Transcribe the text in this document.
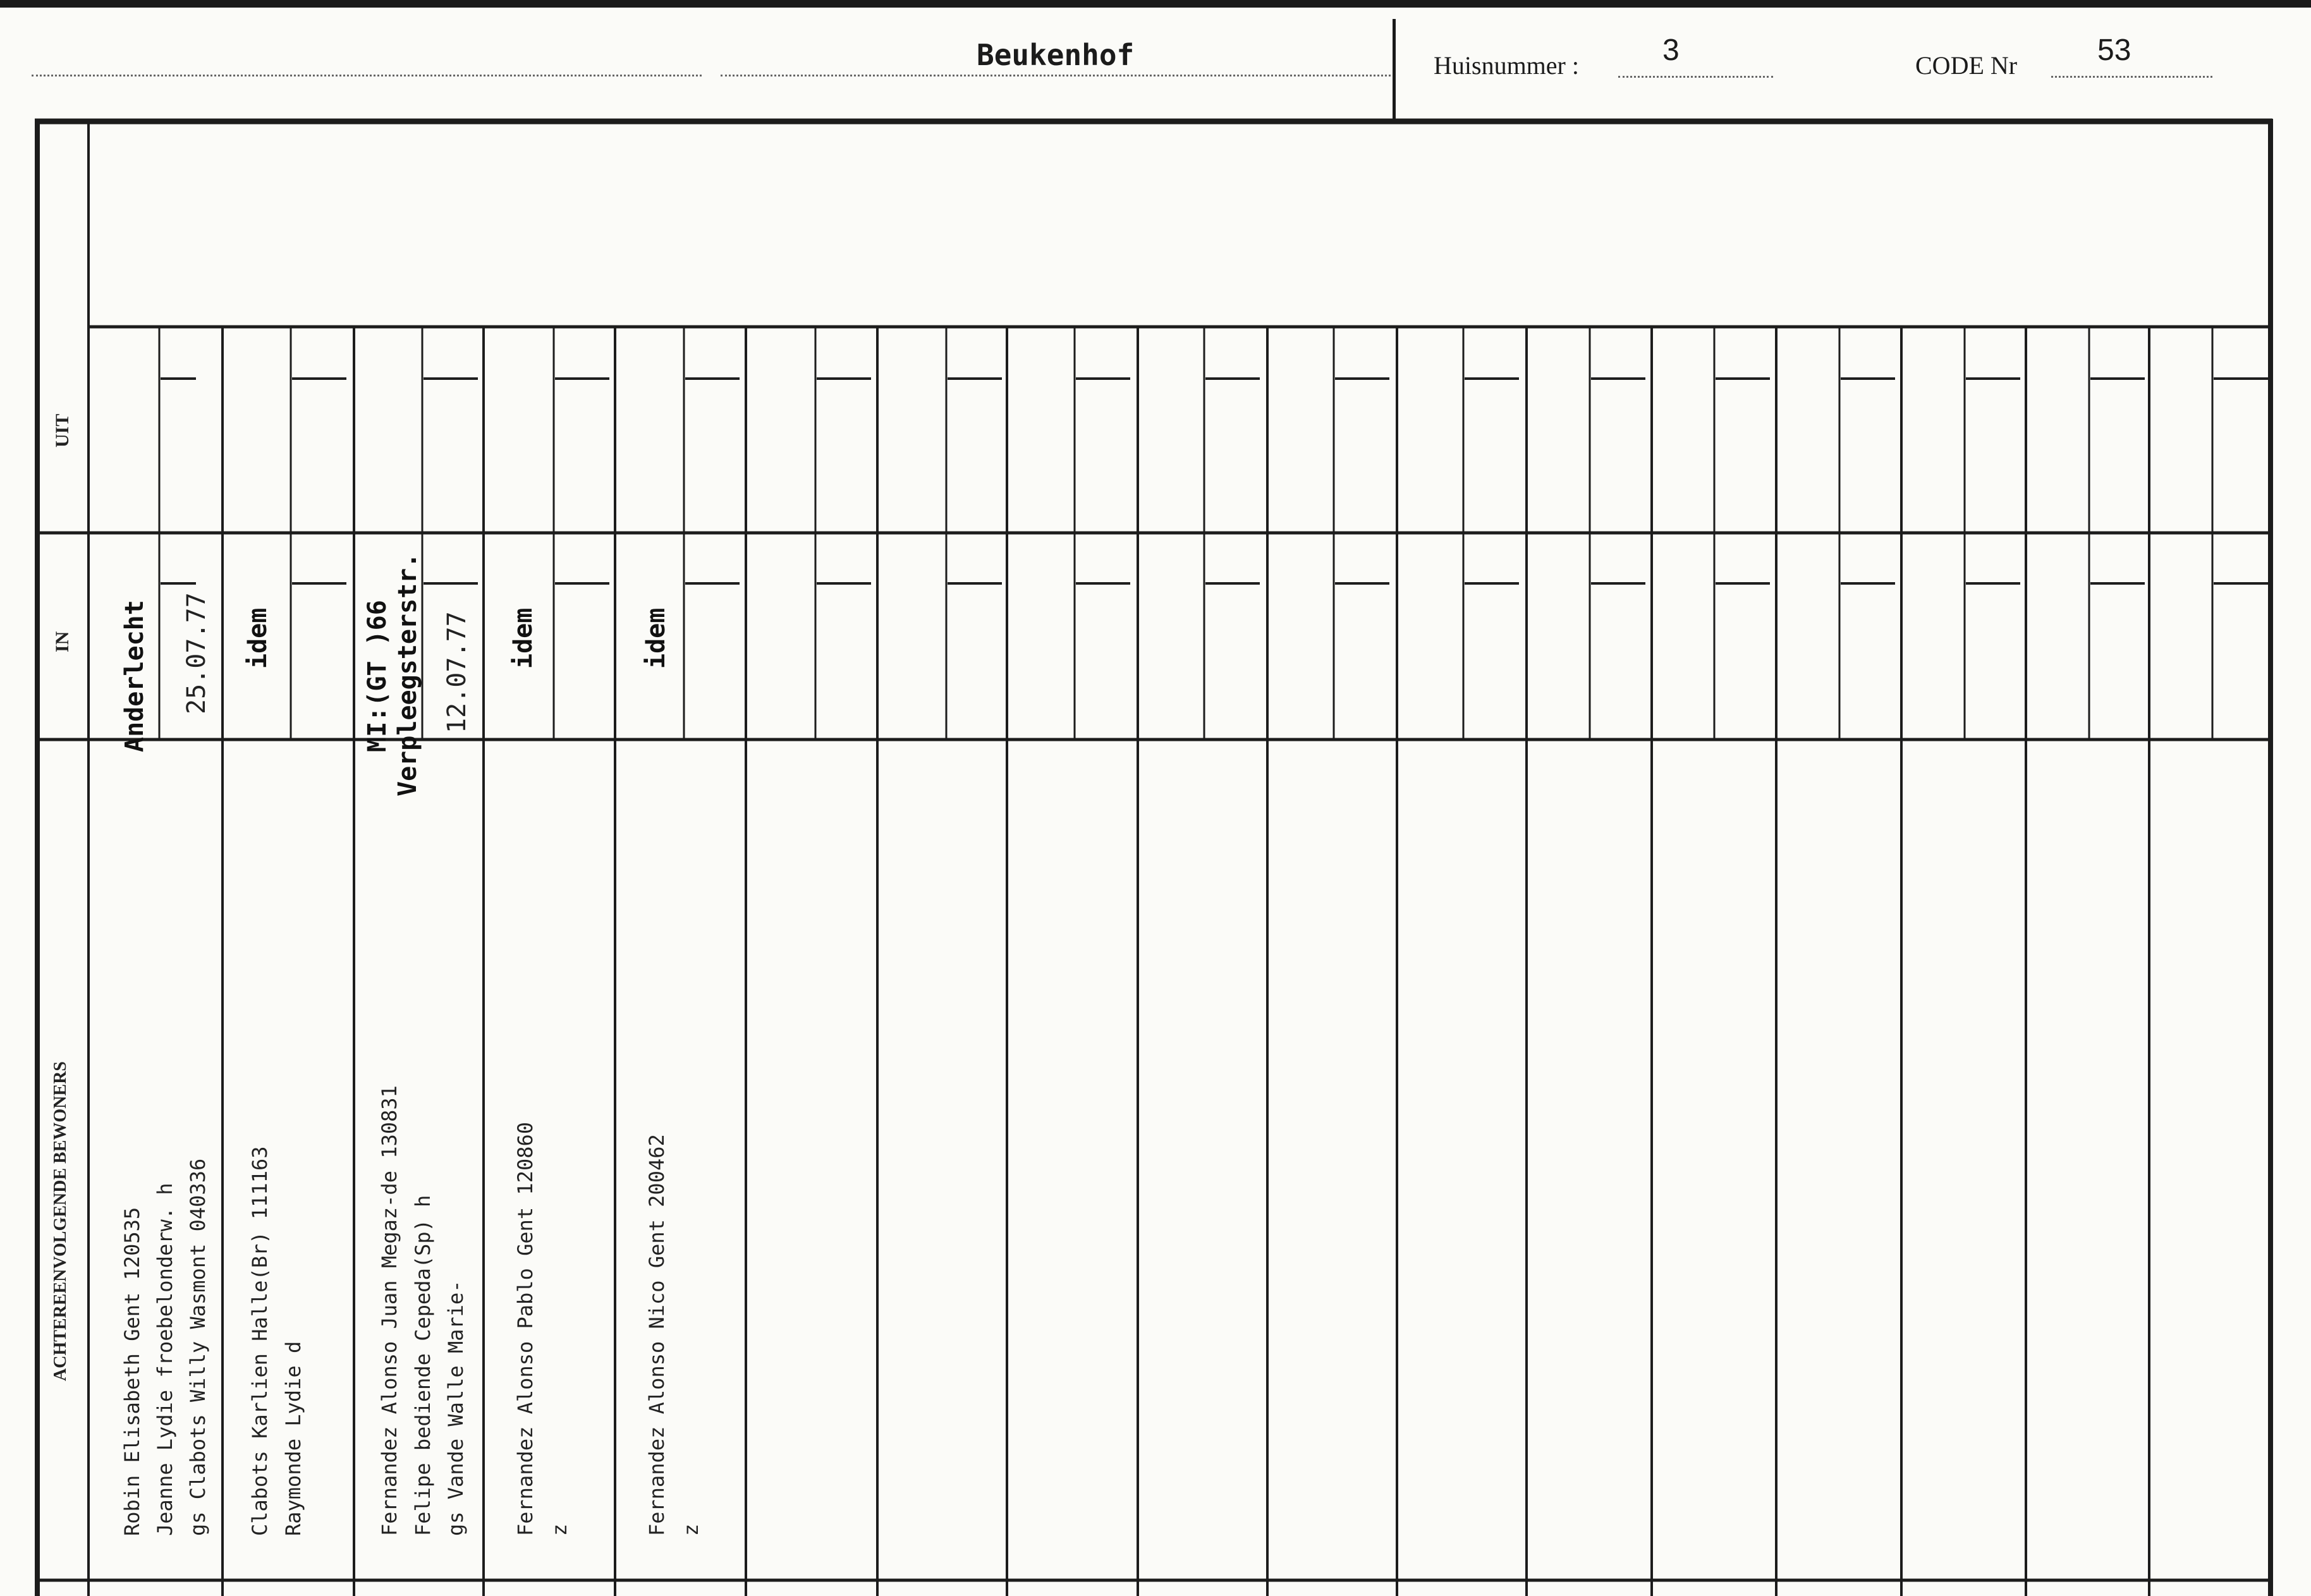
Beukenhof	Huisnummer :	3	CODE Nr	53
UIT
IN
ACHTEREENVOLGENDE BEWONERS
Anderlecht 25.07.77
Robin Elisabeth Gent 120535 Jeanne Lydie froebelonderw. h gs Clabots Willy Wasmont 040336
idem
Clabots Karlien Halle(Br) 111163 Raymonde Lydie d
MI:(GT )66 Verpleegsterstr. 12.07.77
Fernandez Alonso Juan Megaz-de 130831 Felipe bediende Cepeda(Sp) h gs Vande Walle Marie-
idem
Fernandez Alonso Pablo Gent 120860 z
idem
Fernandez Alonso Nico Gent 200462 z
